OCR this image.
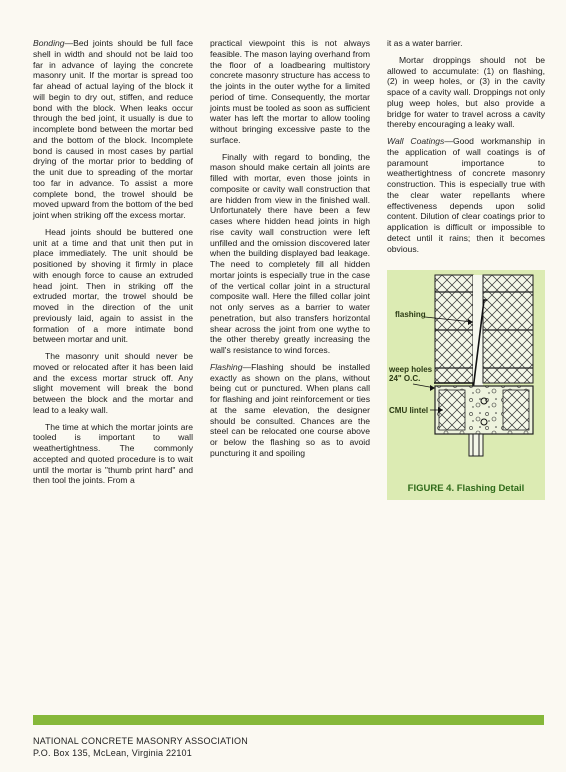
Bonding—Bed joints should be full face shell in width and should not be laid too far in advance of laying the concrete masonry unit. If the mortar is spread too far ahead of actual laying of the block it will begin to dry out, stiffen, and reduce bond with the block. When leaks occur through the bed joint, it usually is due to incomplete bond between the mortar bed and the bottom of the block. Incomplete bond is caused in most cases by partial drying of the mortar prior to bedding of the unit due to spreading of the mortar too far in advance. To assist a more complete bond, the trowel should be moved upward from the bottom of the bed joint when striking off the excess mortar.

Head joints should be buttered one unit at a time and that unit then put in place immediately. The unit should be positioned by shoving it firmly in place with enough force to cause an extruded head joint. Then in striking off the extruded mortar, the trowel should be moved in the direction of the unit previously laid, again to assist in the formation of a more intimate bond between mortar and unit.

The masonry unit should never be moved or relocated after it has been laid and the excess mortar struck off. Any slight movement will break the bond between the block and the mortar and lead to a leaky wall.

The time at which the mortar joints are tooled is important to wall weathertightness. The commonly accepted and quoted procedure is to wait until the mortar is "thumb print hard" and then tool the joints. From a

practical viewpoint this is not always feasible. The mason laying overhand from the floor of a loadbearing multistory concrete masonry structure has access to the joints in the outer wythe for a limited period of time. Consequently, the mortar joints must be tooled as soon as sufficient water has left the mortar to allow tooling without bringing excessive paste to the surface.

Finally with regard to bonding, the mason should make certain all joints are filled with mortar, even those joints in composite or cavity wall construction that are hidden from view in the finished wall. Unfortunately there have been a few cases where hidden head joints in high rise cavity wall construction were left unfilled and the omission discovered later when the building displayed bad leakage. The need to completely fill all hidden mortar joints is especially true in the case of the vertical collar joint in a structural composite wall. Here the filled collar joint not only serves as a barrier to water penetration, but also transfers horizontal shear across the joint from one wythe to the other thereby greatly increasing the wall's resistance to wind forces.

Flashing—Flashing should be installed exactly as shown on the plans, without being cut or punctured. When plans call for flashing and joint reinforcement or ties at the same elevation, the designer should be consulted. Chances are the steel can be relocated one course above or below the flashing so as to avoid puncturing it and spoiling

it as a water barrier.

Mortar droppings should not be allowed to accumulate: (1) on flashing, (2) in weep holes, or (3) in the cavity space of a cavity wall. Droppings not only plug weep holes, but also provide a bridge for water to travel across a cavity thereby encouraging a leaky wall.

Wall Coatings—Good workmanship in the application of wall coatings is of paramount importance to weathertightness of concrete masonry construction. This is especially true with the clear water repellants where effectiveness depends upon solid content. Dilution of clear coatings prior to application is difficult or impossible to detect until it rains; then it becomes obvious.

flashing
weep holes
24" O.C.
CMU lintel
FIGURE 4. Flashing Detail
NATIONAL CONCRETE MASONRY ASSOCIATION
P.O. Box 135, McLean, Virginia 22101
